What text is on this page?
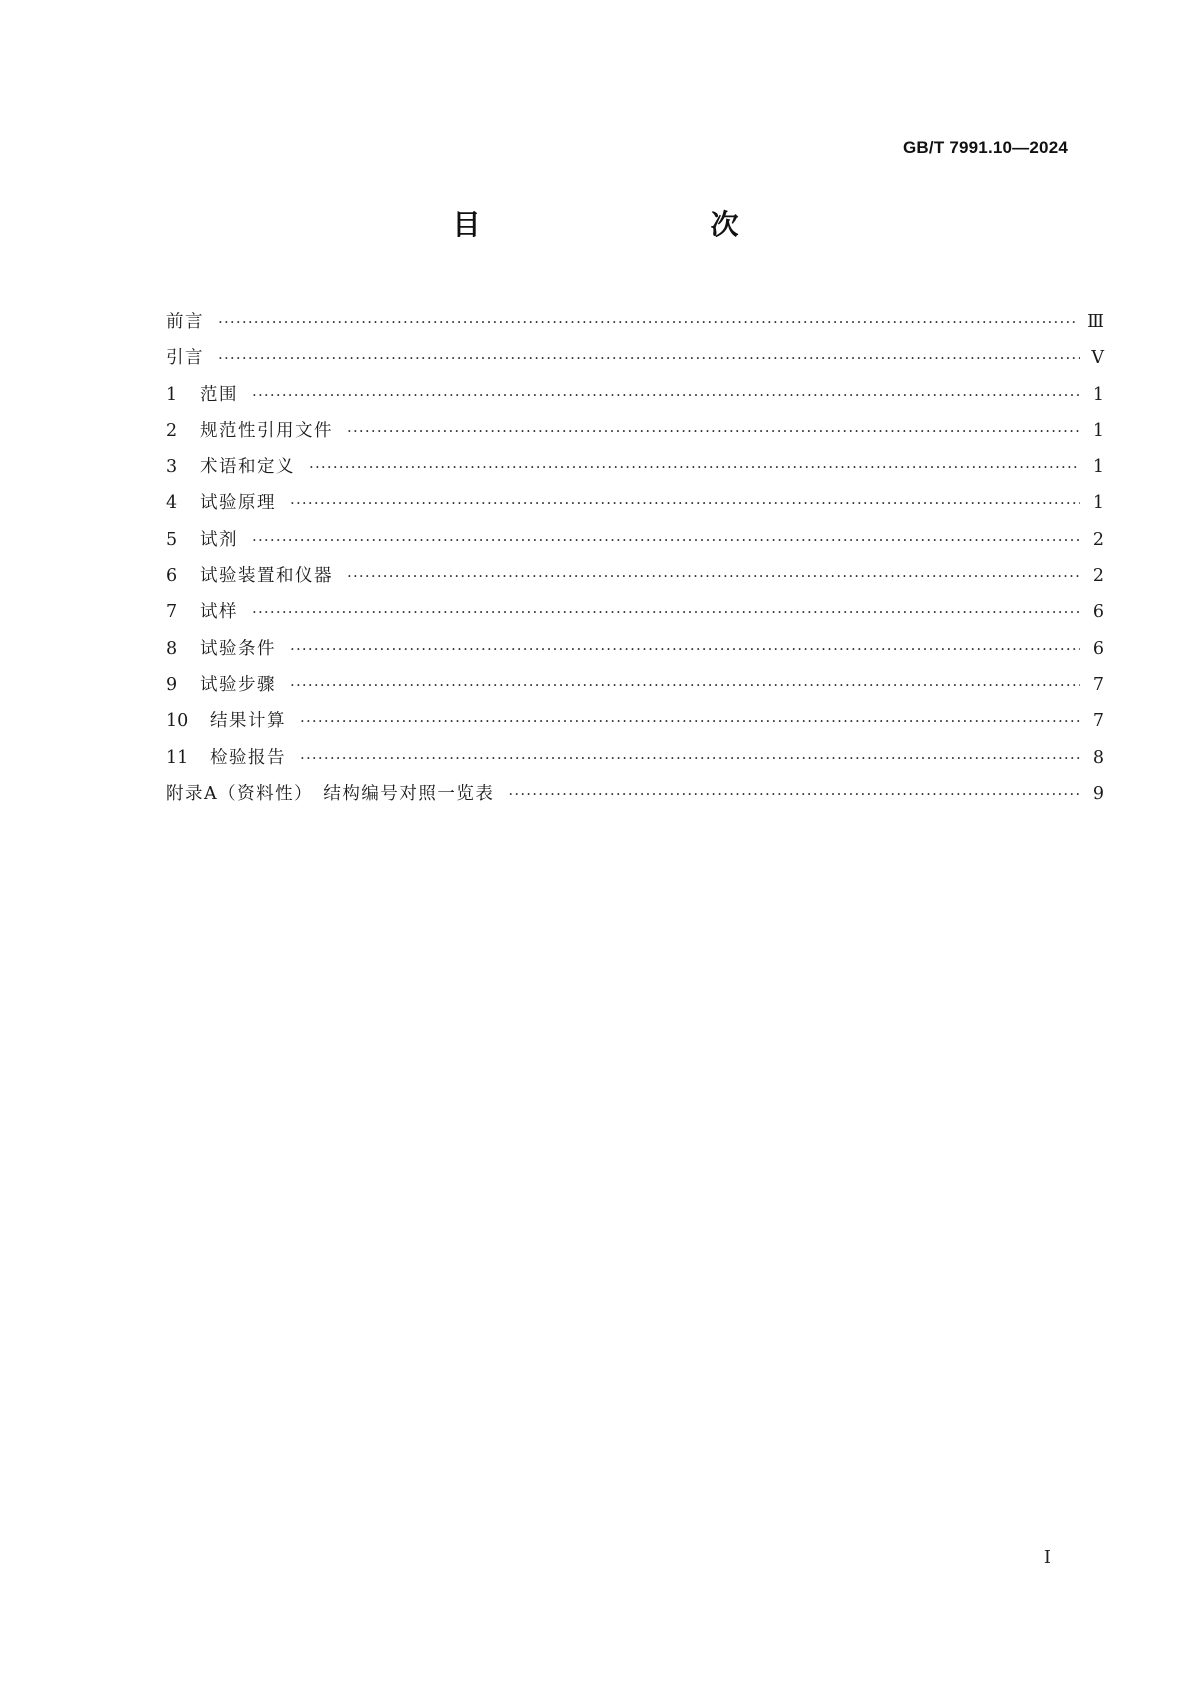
GB/T 7991.10—2024
目　　次
前言 ·····	Ⅲ
引言 ·····	Ⅴ
1	范围 ·····	1
2	规范性引用文件 ·····	1
3	术语和定义 ·····	1
4	试验原理 ·····	1
5	试剂 ·····	2
6	试验装置和仪器 ·····	2
7	试样 ·····	6
8	试验条件 ·····	6
9	试验步骤 ·····	7
10	结果计算 ·····	7
11	检验报告 ·····	8
附录A（资料性）　结构编号对照一览表 ·····	9
Ⅰ
